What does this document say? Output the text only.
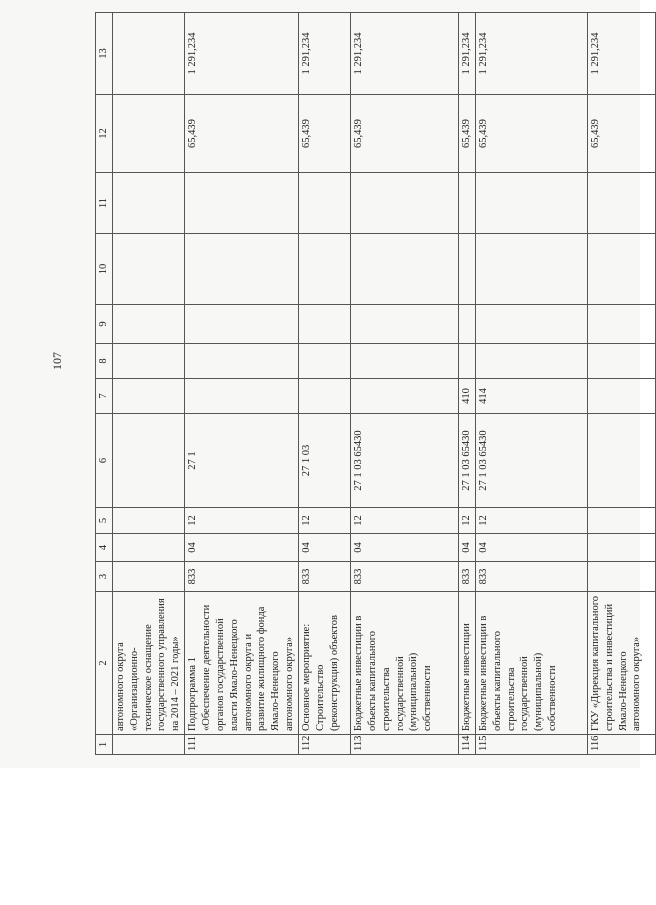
107
1	2	3	4	5	6	7	8	9	10	11	12	13
	автономного округа «Организационно-техническое оснащение государственного управления на 2014 – 2021 годы»											
111	Подпрограмма 1 «Обеспечение деятельности органов государственной власти Ямало-Ненецкого автономного округа и развитие жилищного фонда Ямало-Ненецкого автономного округа»	833	04	12	27 1						65,439	1 291,234
112	Основное мероприятие: Строительство (реконструкция) объектов	833	04	12	27 1 03						65,439	1 291,234
113	Бюджетные инвестиции в объекты капитального строительства государственной (муниципальной) собственности	833	04	12	27 1 03 65430						65,439	1 291,234
114	Бюджетные инвестиции	833	04	12	27 1 03 65430	410					65,439	1 291,234
115	Бюджетные инвестиции в объекты капитального строительства государственной (муниципальной) собственности	833	04	12	27 1 03 65430	414					65,439	1 291,234
116	ГКУ «Дирекция капитального строительства и инвестиций Ямало-Ненецкого автономного округа»										65,439	1 291,234
